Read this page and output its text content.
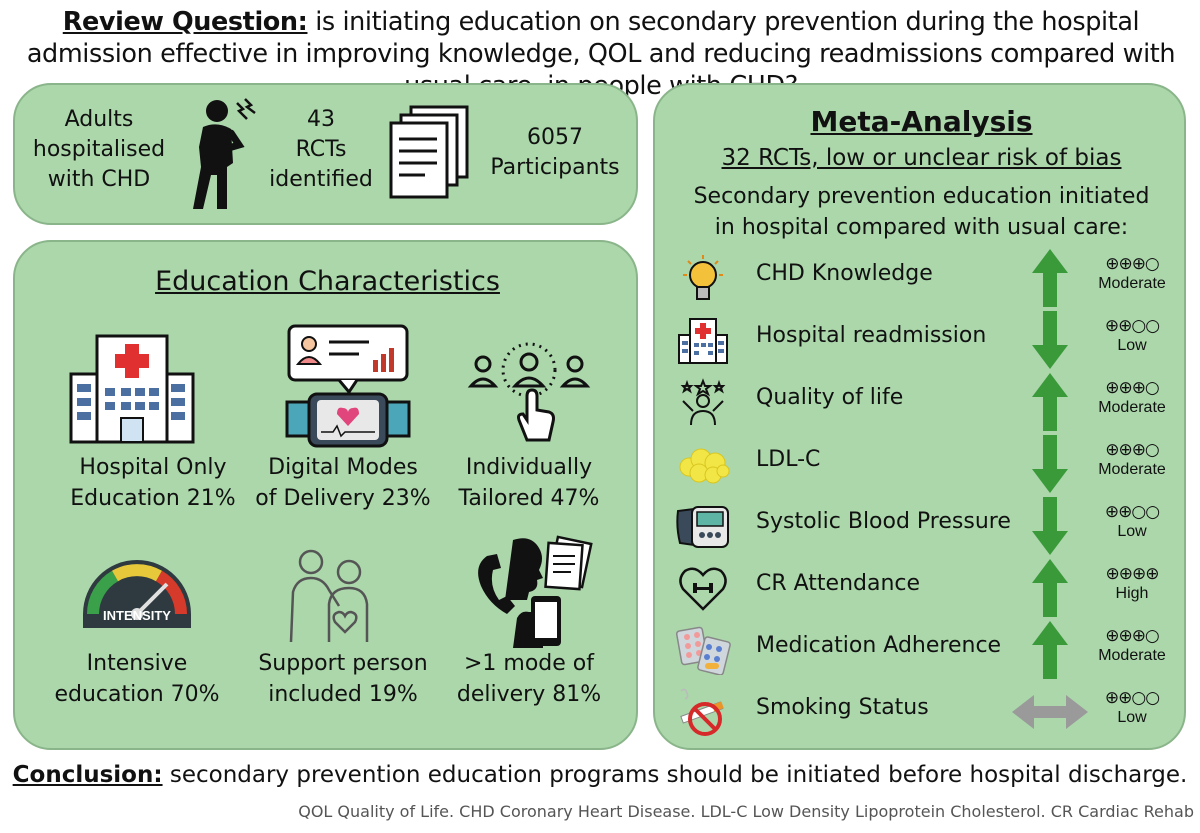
Review Question: is initiating education on secondary prevention during the hospital admission effective in improving knowledge, QOL and reducing readmissions compared with people
Adults
hospitalised
with CHD
43
RCTs
identified
6057
Participants
Education Characteristics
Hospital Only
Education 21%
Digital Modes
of Delivery 23%
Individually
Tailored 47%
INTENSITY
Intensive
education 70%
Support person
included 19%
>1 mode of
delivery 81%
Meta-Analysis
32 RCTs, low or unclear risk of bias
Secondary prevention education initiated
in hospital compared with usual care:
CHD Knowledge	⊕⊕⊕○
Moderate
Hospital readmission	⊕⊕○○
Low
Quality of life	⊕⊕⊕○
Moderate
LDL-C	⊕⊕⊕○
Moderate
Systolic Blood Pressure	⊕⊕○○
Low
CR Attendance	⊕⊕⊕⊕
High
Medication Adherence	⊕⊕⊕○
Moderate
Smoking Status	⊕⊕○○
Low
Conclusion: secondary prevention education programs should be initiated before hospital discharge.
QOL Quality of Life. CHD Coronary Heart Disease. LDL-C Low Density Lipoprotein Cholesterol. CR Cardiac Rehab
